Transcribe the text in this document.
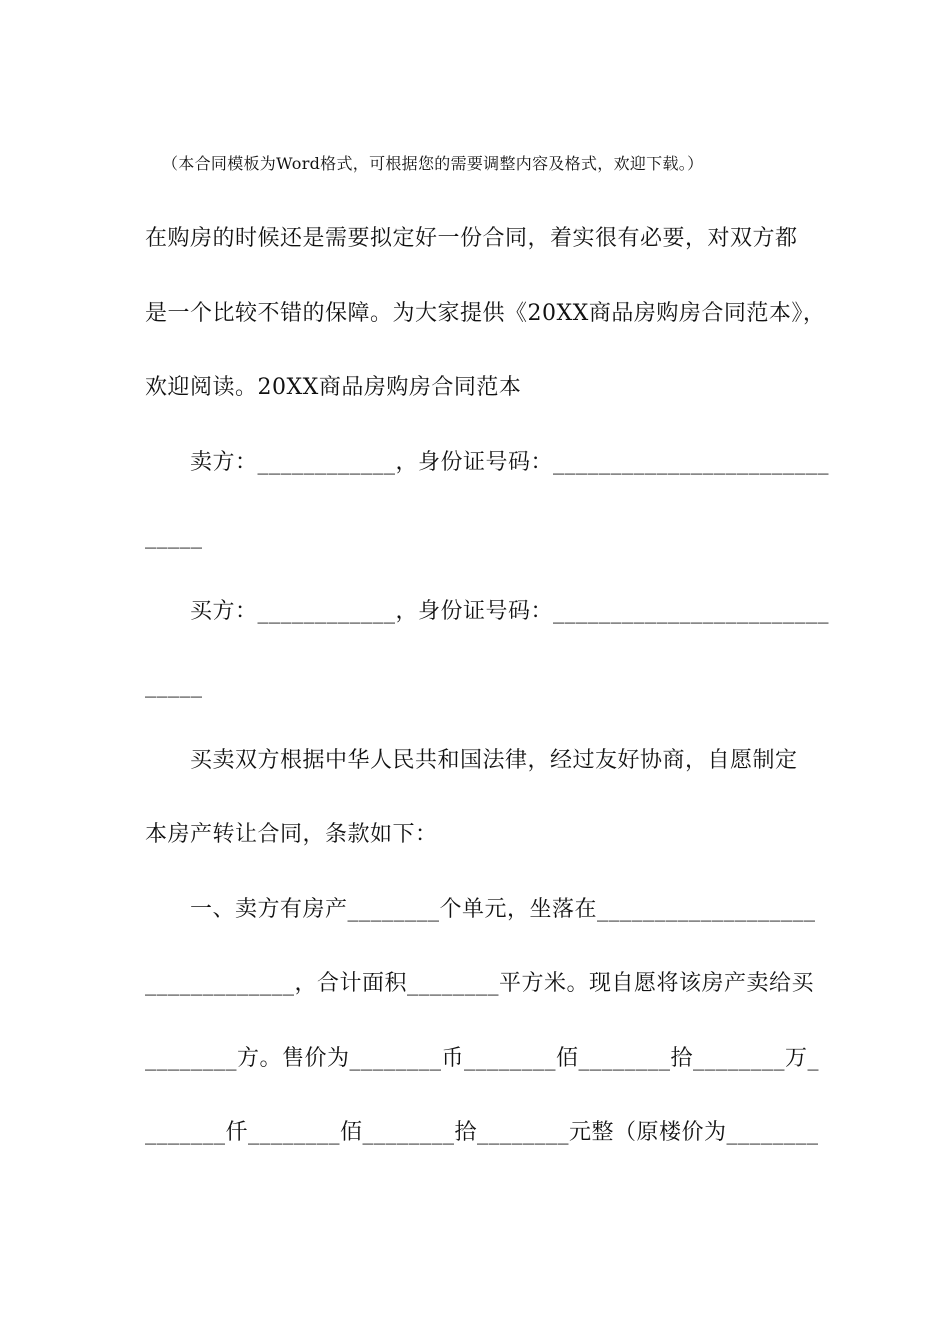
（本合同模板为Word格式，可根据您的需要调整内容及格式，欢迎下载。）
在购房的时候还是需要拟定好一份合同，着实很有必要，对双方都
是一个比较不错的保障。为大家提供《20XX商品房购房合同范本》，
欢迎阅读。20XX商品房购房合同范本
卖方：____________，身份证号码：________________________
_____
买方：____________，身份证号码：________________________
_____
买卖双方根据中华人民共和国法律，经过友好协商，自愿制定
本房产转让合同，条款如下：
一、卖方有房产________个单元，坐落在___________________
_____________，合计面积________平方米。现自愿将该房产卖给买
________方。售价为________币________佰________拾________万_
_______仟________佰________拾________元整（原楼价为________
